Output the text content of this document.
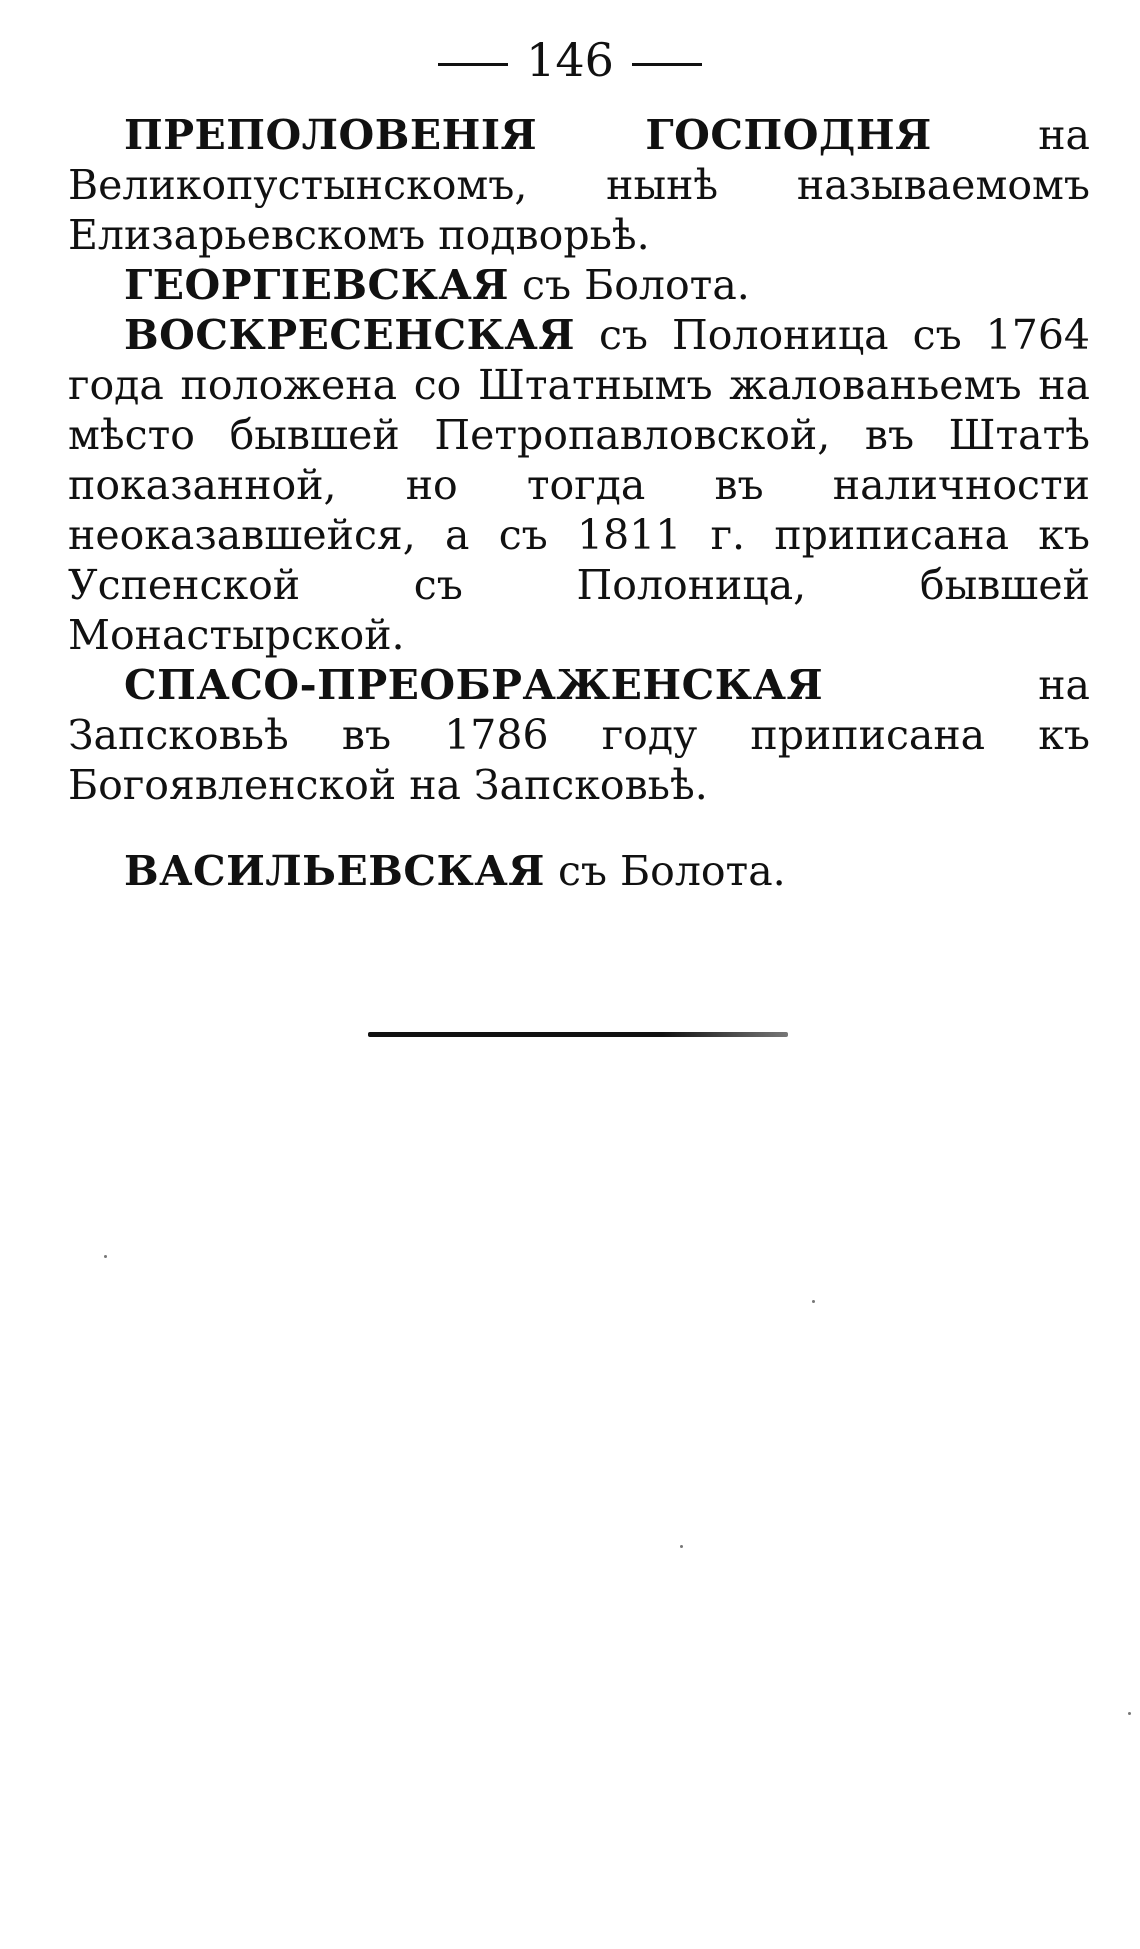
146

ПРЕПОЛОВЕНІЯ ГОСПОДНЯ	на Великопустынскомъ, нынѣ называемомъ Елизарьевскомъ подворьѣ.

ГЕОРГІЕВСКАЯ съ Болота.

ВОСКРЕСЕНСКАЯ съ Полоница съ 1764 года положена со Штатнымъ жалованьемъ на мѣсто бывшей Петропавловской, въ Штатѣ показанной, но тогда въ наличности неоказавшейся, а съ 1811 г. приписана къ Успенской съ Полоница, бывшей Монастырской.

СПАСО-ПРЕОБРАЖЕНСКАЯ	на Запсковьѣ въ 1786 году приписана къ Богоявленской на Запсковьѣ.

ВАСИЛЬЕВСКАЯ съ Болота.
